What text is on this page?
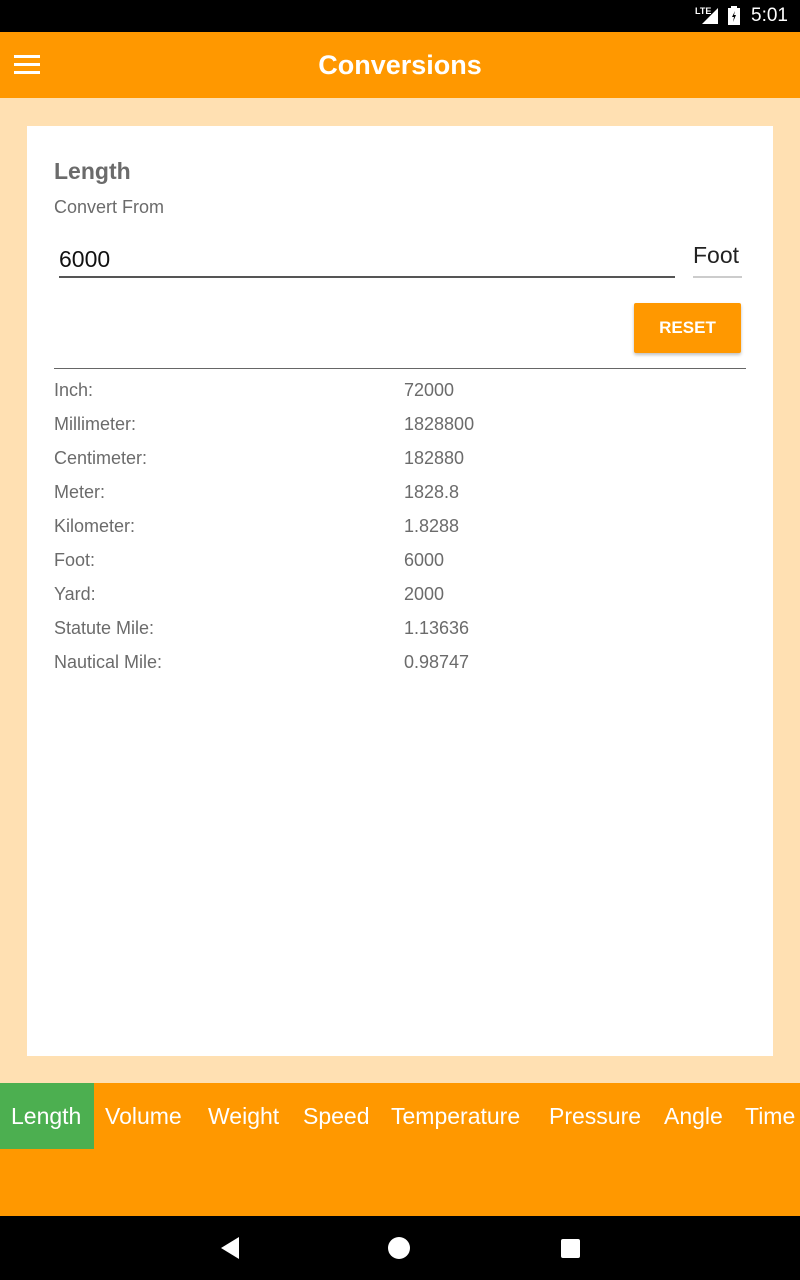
LTE 5:01
Conversions
Length
Convert From
6000
Foot
RESET
Inch:	72000
Millimeter:	1828800
Centimeter:	182880
Meter:	1828.8
Kilometer:	1.8288
Foot:	6000
Yard:	2000
Statute Mile:	1.13636
Nautical Mile:	0.98747
Length	Volume	Weight	Speed Temperature	Pressure Angle Time
